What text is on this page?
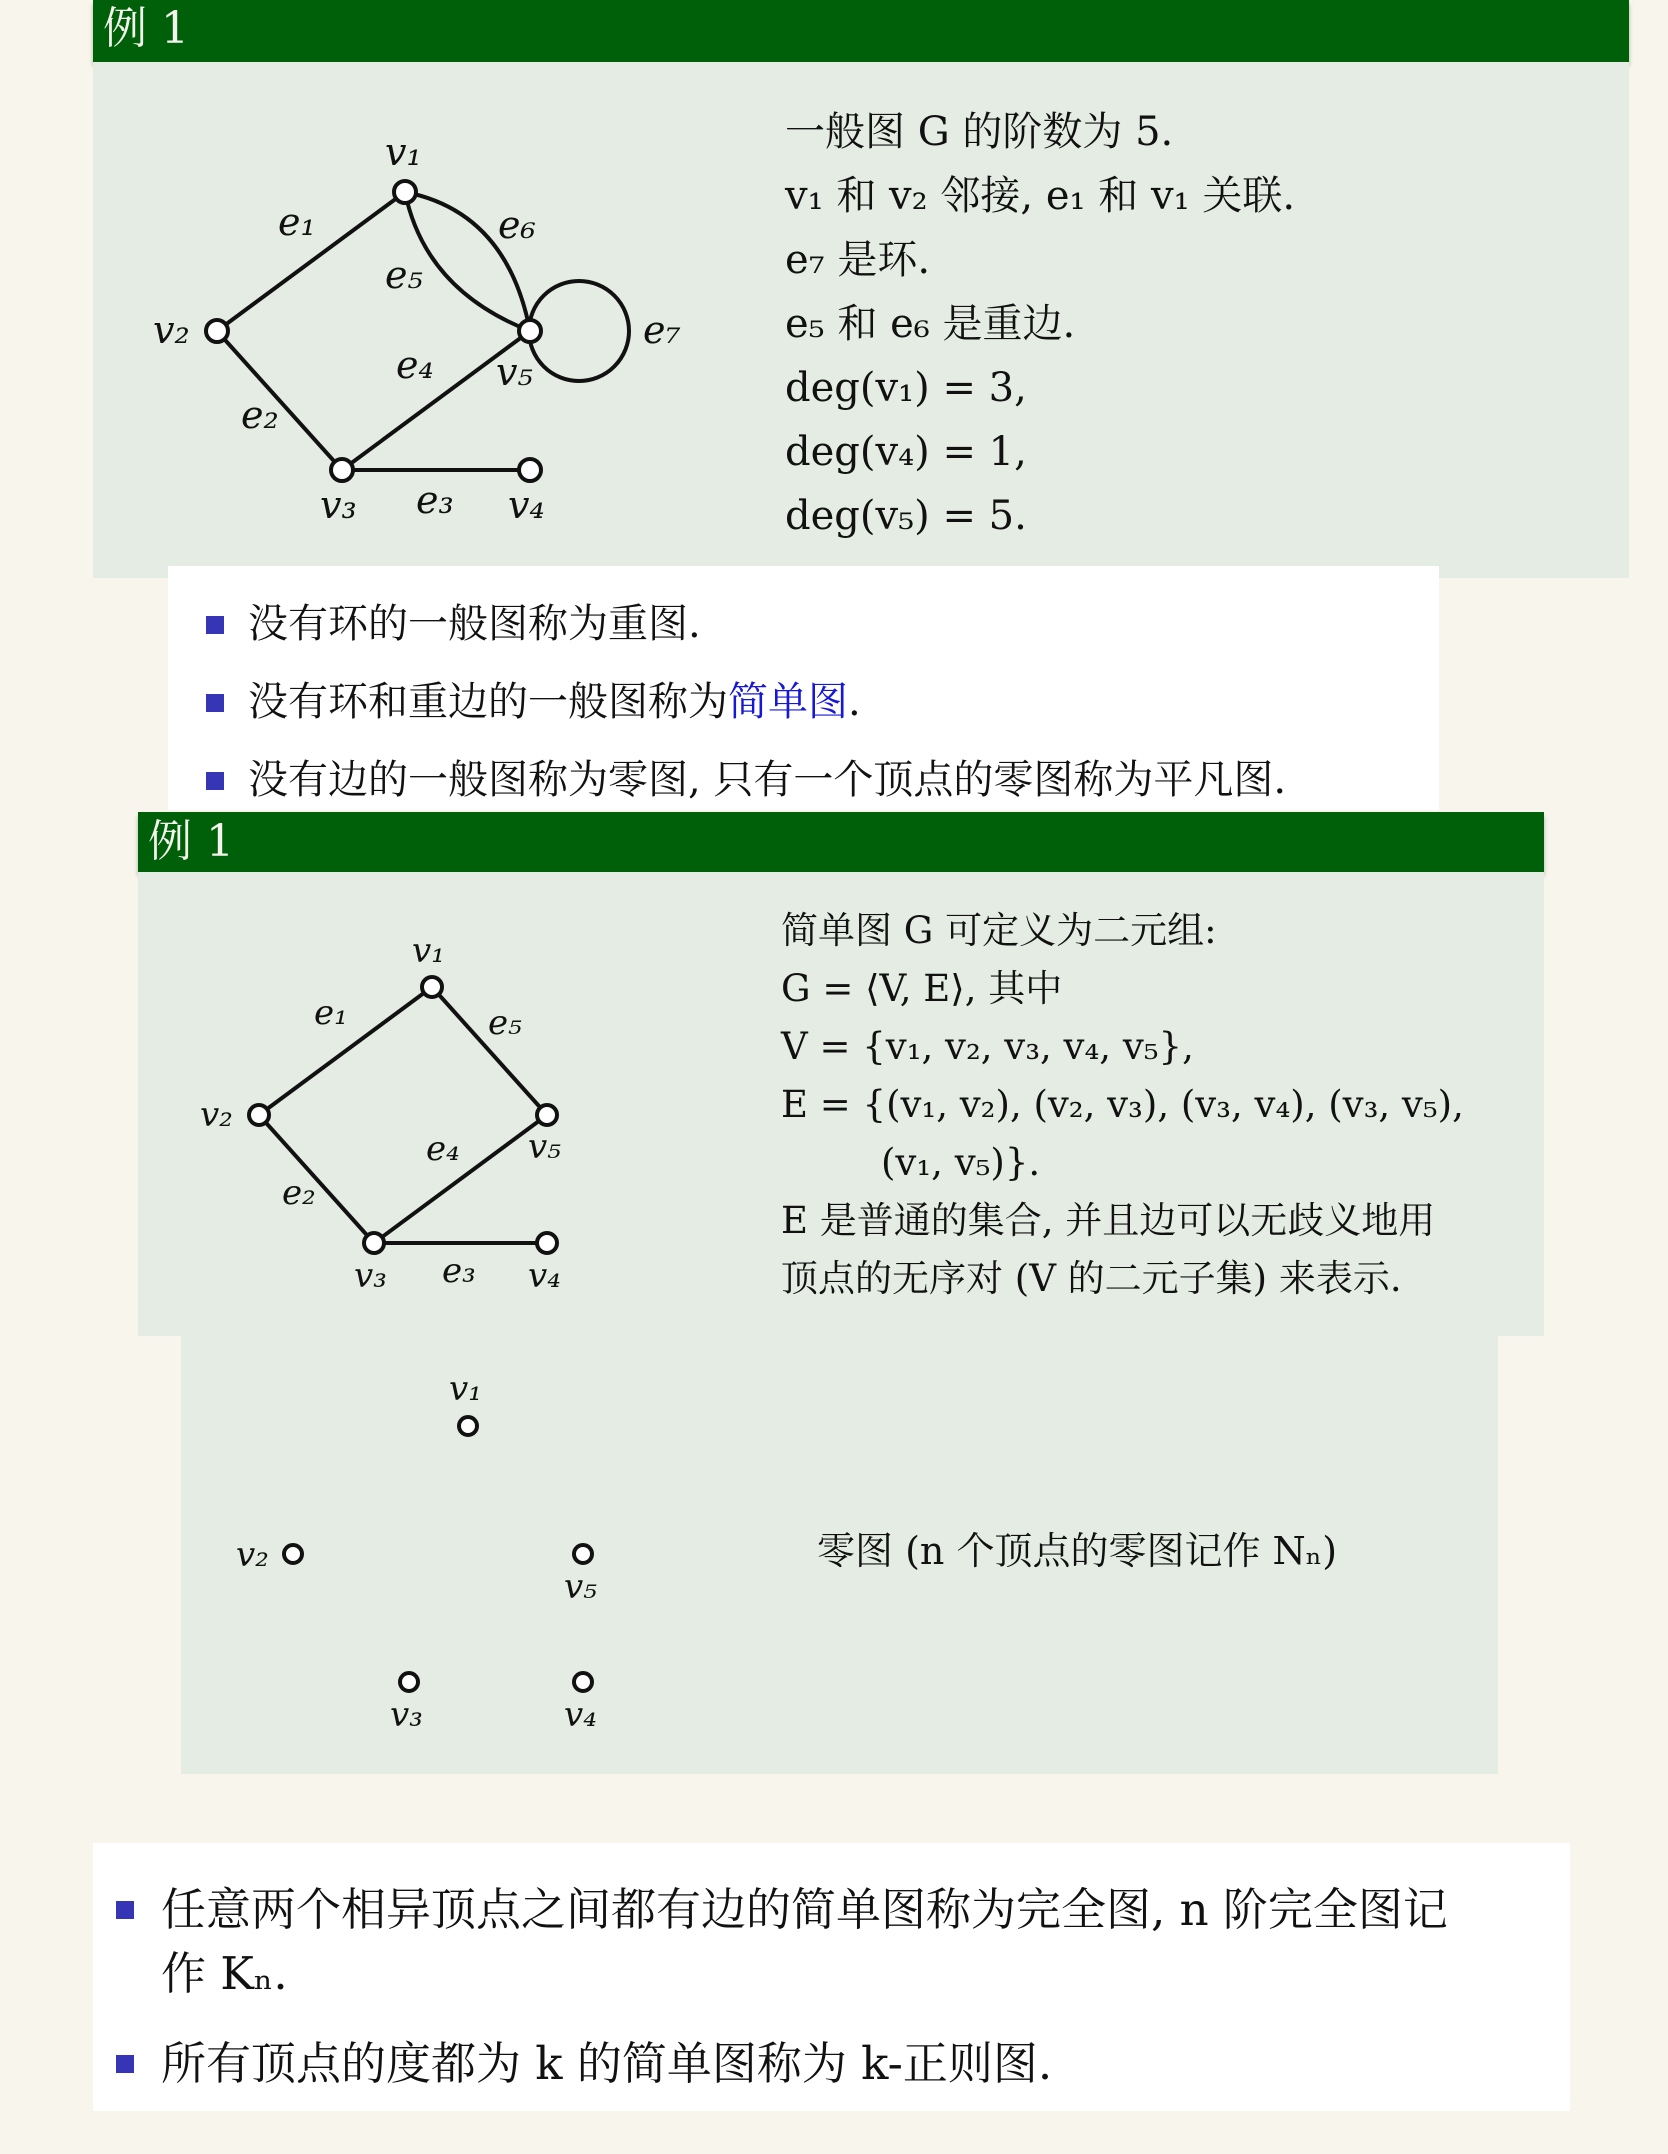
例 1
v₁
v₂
v₃	v₄
v₅
e₁
e₂
e₃
e₄
e₅
e₆
e₇
一般图 G 的阶数为 5.
v₁ 和 v₂ 邻接, e₁ 和 v₁ 关联.
e₇ 是环.
e₅ 和 e₆ 是重边.
deg(v₁) = 3,
deg(v₄) = 1,
deg(v₅) = 5.
没有环的一般图称为重图.
没有环和重边的一般图称为简单图.
没有边的一般图称为零图, 只有一个顶点的零图称为平凡图.
例 1
v₁
v₂
v₃	v₄
v₅
e₁
e₂
e₃
e₄
e₅
简单图 G 可定义为二元组:
G = ⟨V, E⟩, 其中
V = {v₁, v₂, v₃, v₄, v₅},
E = {(v₁, v₂), (v₂, v₃), (v₃, v₄), (v₃, v₅),
(v₁, v₅)}.
E 是普通的集合, 并且边可以无歧义地用
顶点的无序对 (V 的二元子集) 来表示.
v₁
v₂
v₃	v₄
v₅
零图 (n 个顶点的零图记作 Nₙ)
任意两个相异顶点之间都有边的简单图称为完全图, n 阶完全图记
作 Kₙ.
所有顶点的度都为 k 的简单图称为 k-正则图.
